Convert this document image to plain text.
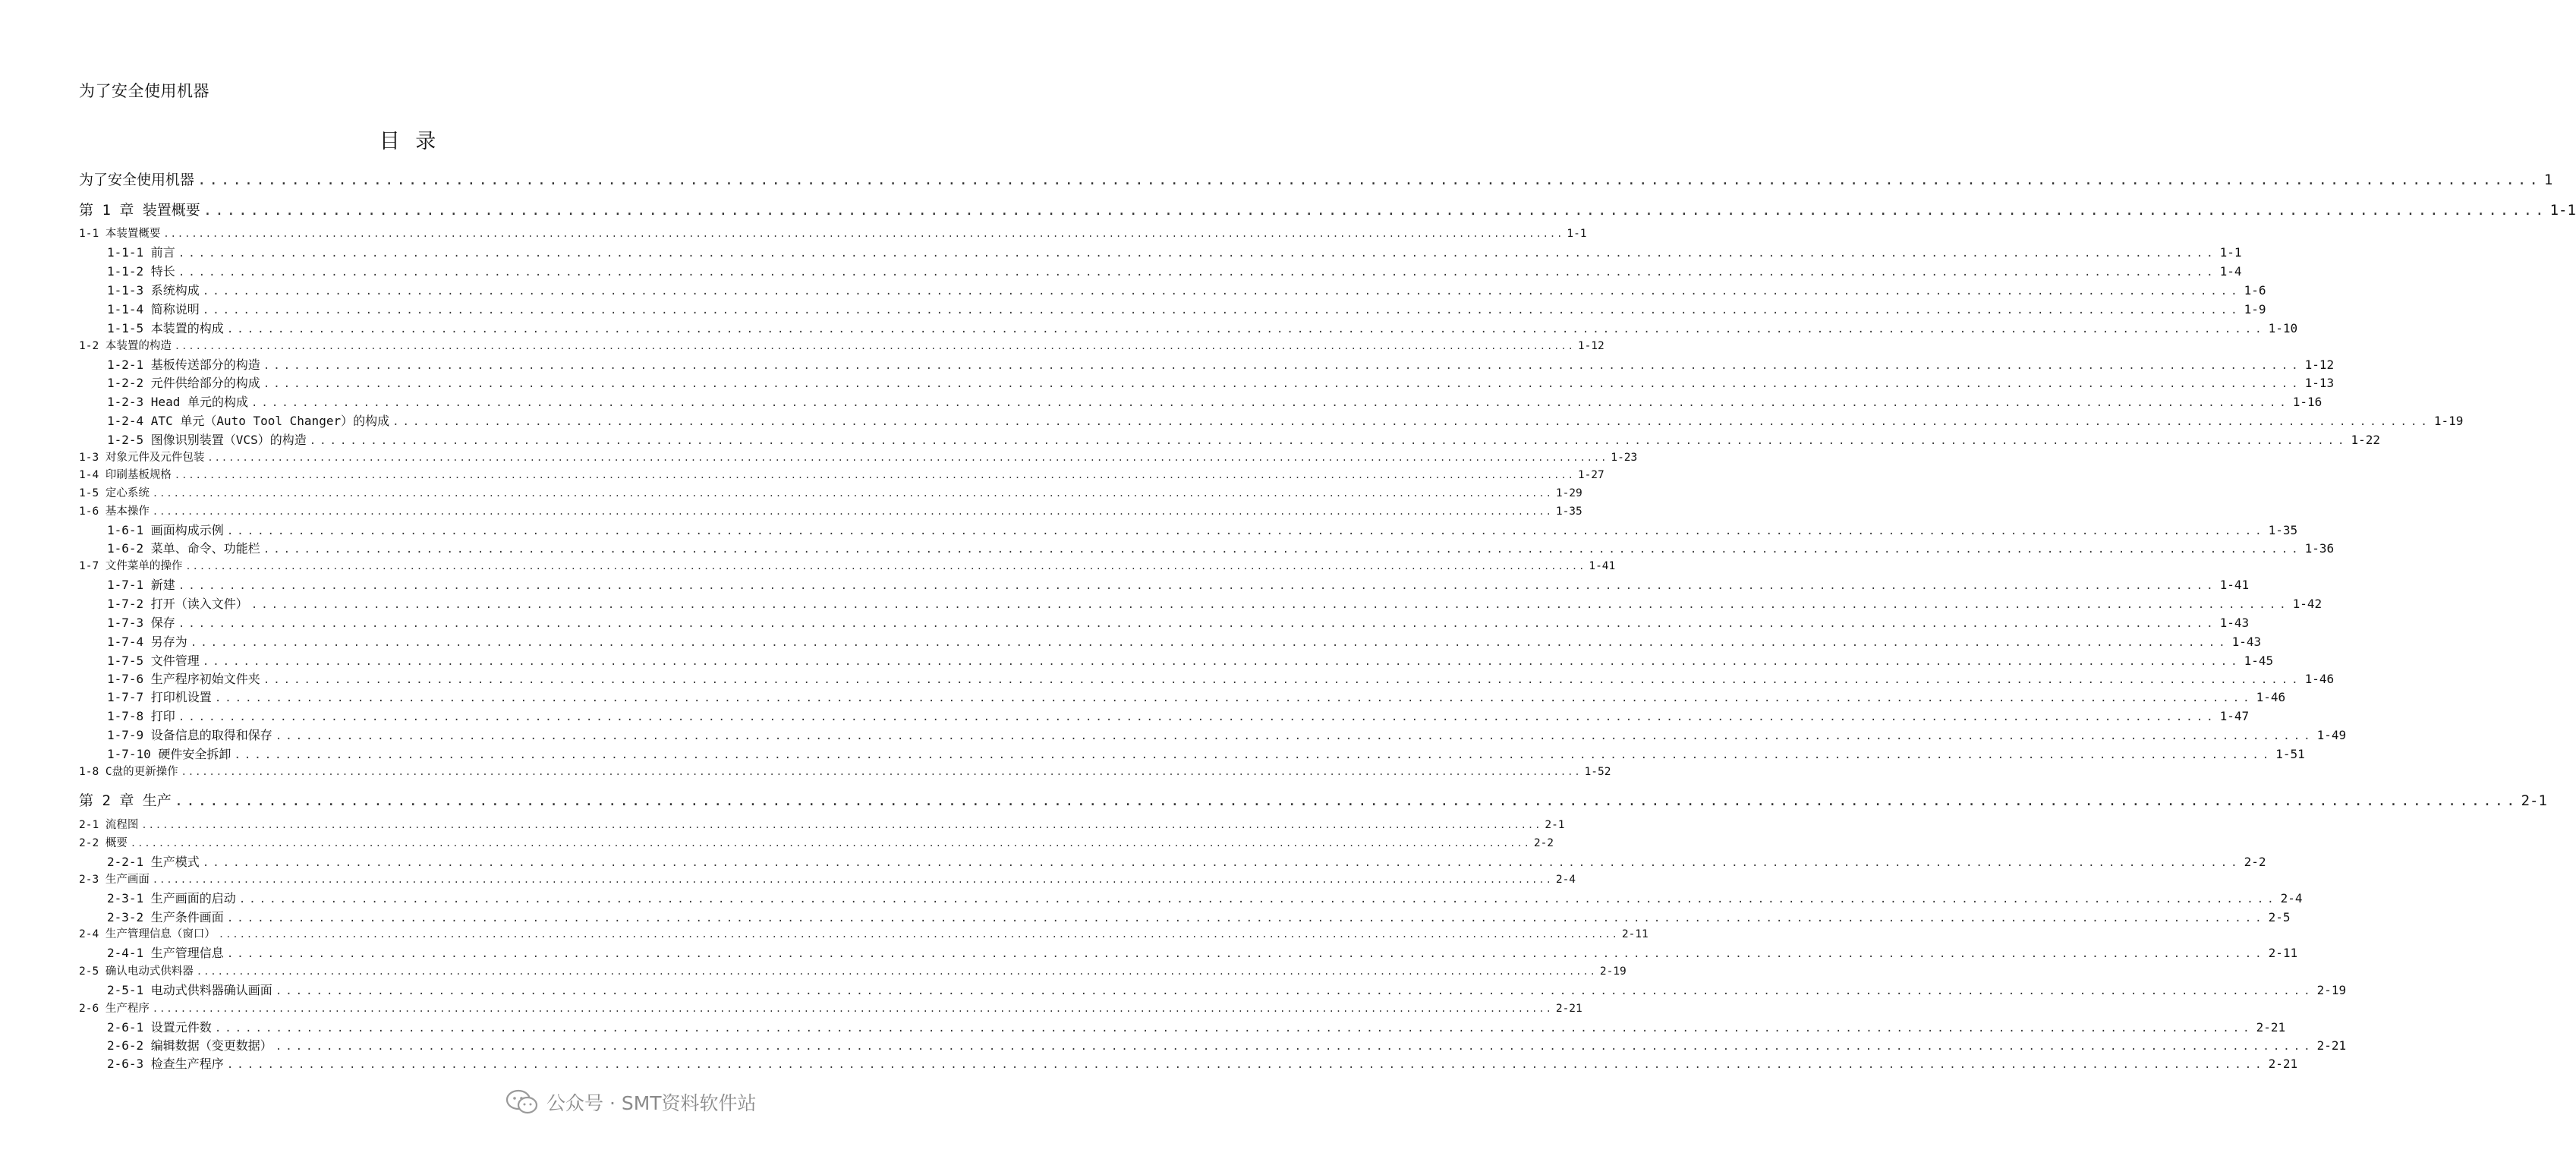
为了安全使用机器
目 录
为了安全使用机器 ........................................................................................................................................................................................................ 1
第 1 章 装置概要 ........................................................................................................................................................................................................ 1-1
1-1 本装置概要 ........................................................................................................................................................................................................ 1-1
1-1-1 前言 ........................................................................................................................................................................................................ 1-1
1-1-2 特长 ........................................................................................................................................................................................................ 1-4
1-1-3 系统构成 ........................................................................................................................................................................................................ 1-6
1-1-4 简称说明 ........................................................................................................................................................................................................ 1-9
1-1-5 本装置的构成 ........................................................................................................................................................................................................ 1-10
1-2 本装置的构造 ........................................................................................................................................................................................................ 1-12
1-2-1 基板传送部分的构造 ........................................................................................................................................................................................................ 1-12
1-2-2 元件供给部分的构成 ........................................................................................................................................................................................................ 1-13
1-2-3 Head 单元的构成 ........................................................................................................................................................................................................ 1-16
1-2-4 ATC 单元（Auto Tool Changer）的构成 ........................................................................................................................................................................................................ 1-19
1-2-5 图像识别装置（VCS）的构造 ........................................................................................................................................................................................................ 1-22
1-3 对象元件及元件包装 ........................................................................................................................................................................................................ 1-23
1-4 印刷基板规格 ........................................................................................................................................................................................................ 1-27
1-5 定心系统 ........................................................................................................................................................................................................ 1-29
1-6 基本操作 ........................................................................................................................................................................................................ 1-35
1-6-1 画面构成示例 ........................................................................................................................................................................................................ 1-35
1-6-2 菜单、命令、功能栏 ........................................................................................................................................................................................................ 1-36
1-7 文件菜单的操作 ........................................................................................................................................................................................................ 1-41
1-7-1 新建 ........................................................................................................................................................................................................ 1-41
1-7-2 打开（读入文件） ........................................................................................................................................................................................................ 1-42
1-7-3 保存 ........................................................................................................................................................................................................ 1-43
1-7-4 另存为 ........................................................................................................................................................................................................ 1-43
1-7-5 文件管理 ........................................................................................................................................................................................................ 1-45
1-7-6 生产程序初始文件夹 ........................................................................................................................................................................................................ 1-46
1-7-7 打印机设置 ........................................................................................................................................................................................................ 1-46
1-7-8 打印 ........................................................................................................................................................................................................ 1-47
1-7-9 设备信息的取得和保存 ........................................................................................................................................................................................................ 1-49
1-7-10 硬件安全拆卸 ........................................................................................................................................................................................................ 1-51
1-8 C盘的更新操作 ........................................................................................................................................................................................................ 1-52
第 2 章 生产 ........................................................................................................................................................................................................ 2-1
2-1 流程图 ........................................................................................................................................................................................................ 2-1
2-2 概要 ........................................................................................................................................................................................................ 2-2
2-2-1 生产模式 ........................................................................................................................................................................................................ 2-2
2-3 生产画面 ........................................................................................................................................................................................................ 2-4
2-3-1 生产画面的启动 ........................................................................................................................................................................................................ 2-4
2-3-2 生产条件画面 ........................................................................................................................................................................................................ 2-5
2-4 生产管理信息（窗口） ........................................................................................................................................................................................................ 2-11
2-4-1 生产管理信息 ........................................................................................................................................................................................................ 2-11
2-5 确认电动式供料器 ........................................................................................................................................................................................................ 2-19
2-5-1 电动式供料器确认画面 ........................................................................................................................................................................................................ 2-19
2-6 生产程序 ........................................................................................................................................................................................................ 2-21
2-6-1 设置元件数 ........................................................................................................................................................................................................ 2-21
2-6-2 编辑数据（变更数据） ........................................................................................................................................................................................................ 2-21
2-6-3 检查生产程序 ........................................................................................................................................................................................................ 2-21
公众号 · SMT资料软件站
